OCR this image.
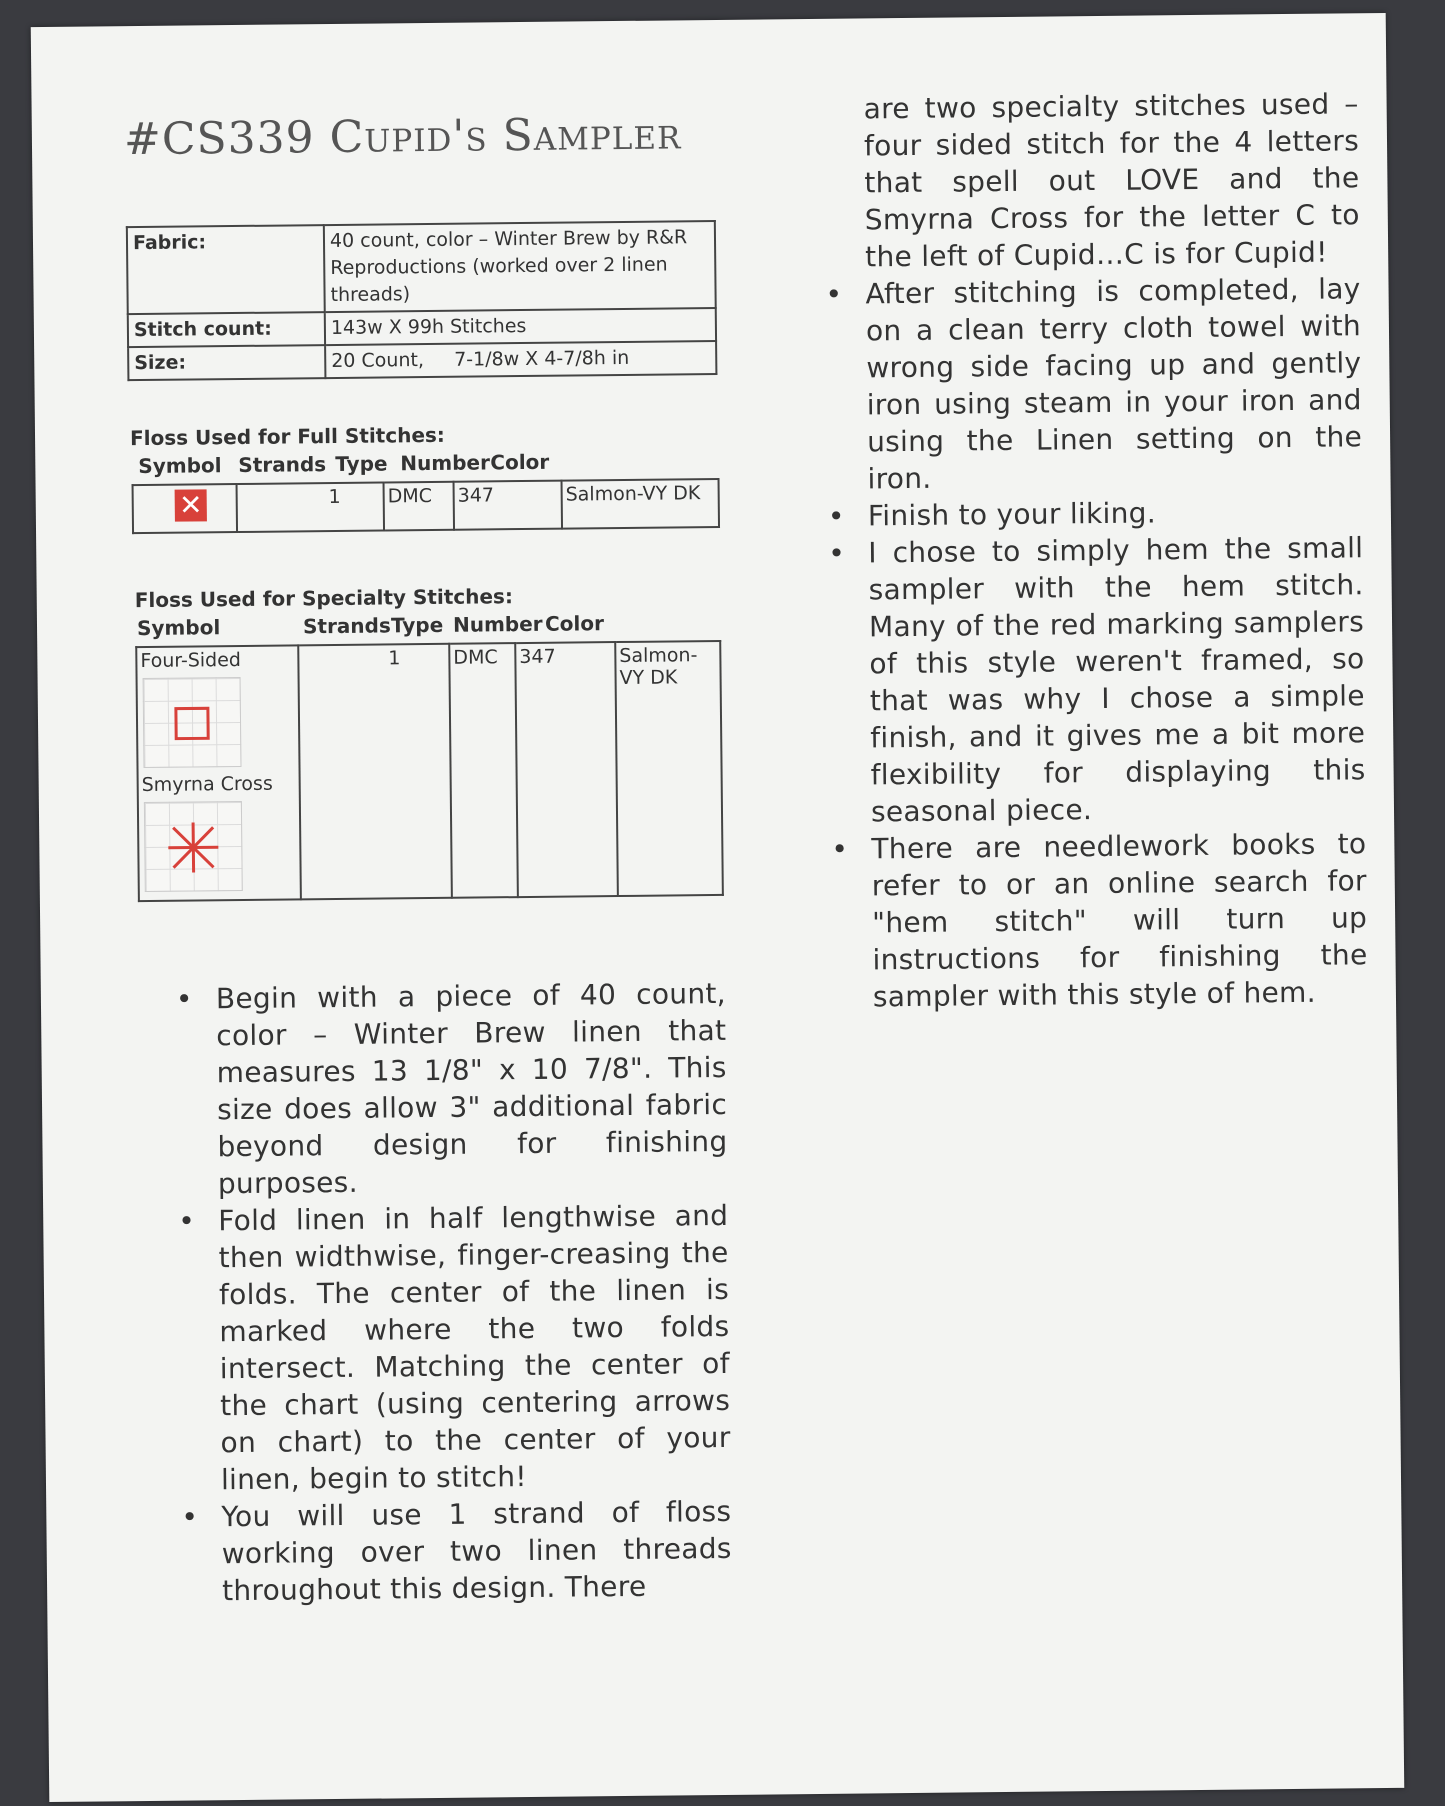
#CS339 Cupid's Sampler
Fabric:	40 count, color – Winter Brew by R&R Reproductions (worked over 2 linen threads)
Stitch count:	143w X 99h Stitches
Size:	20 Count,     7-1/8w X 4-7/8h in
Floss Used for Full Stitches:
Symbol Strands Type Number Color
✕	1	DMC	347	Salmon-VY DK
Floss Used for Specialty Stitches:
Symbol	Strands Type Number Color
Four-Sided
Smyrna Cross
	1	DMC	347	Salmon-VY DK
• Begin with a piece of 40 count, color – Winter Brew linen that measures 13 1/8" x 10 7/8". This size does allow 3" additional fabric beyond design for finishing purposes.
• Fold linen in half lengthwise and then widthwise, finger-creasing the folds. The center of the linen is marked where the two folds intersect. Matching the center of the chart (using centering arrows on chart) to the center of your linen, begin to stitch!
• You will use 1 strand of floss working over two linen threads throughout this design. There

are two specialty stitches used – four sided stitch for the 4 letters that spell out LOVE and the Smyrna Cross for the letter C to the left of Cupid…C is for Cupid!

• After stitching is completed, lay on a clean terry cloth towel with wrong side facing up and gently iron using steam in your iron and using the Linen setting on the iron.
• Finish to your liking.
• I chose to simply hem the small sampler with the hem stitch. Many of the red marking samplers of this style weren't framed, so that was why I chose a simple finish, and it gives me a bit more flexibility for displaying this seasonal piece.
• There are needlework books to refer to or an online search for "hem stitch" will turn up instructions for finishing the sampler with this style of hem.
